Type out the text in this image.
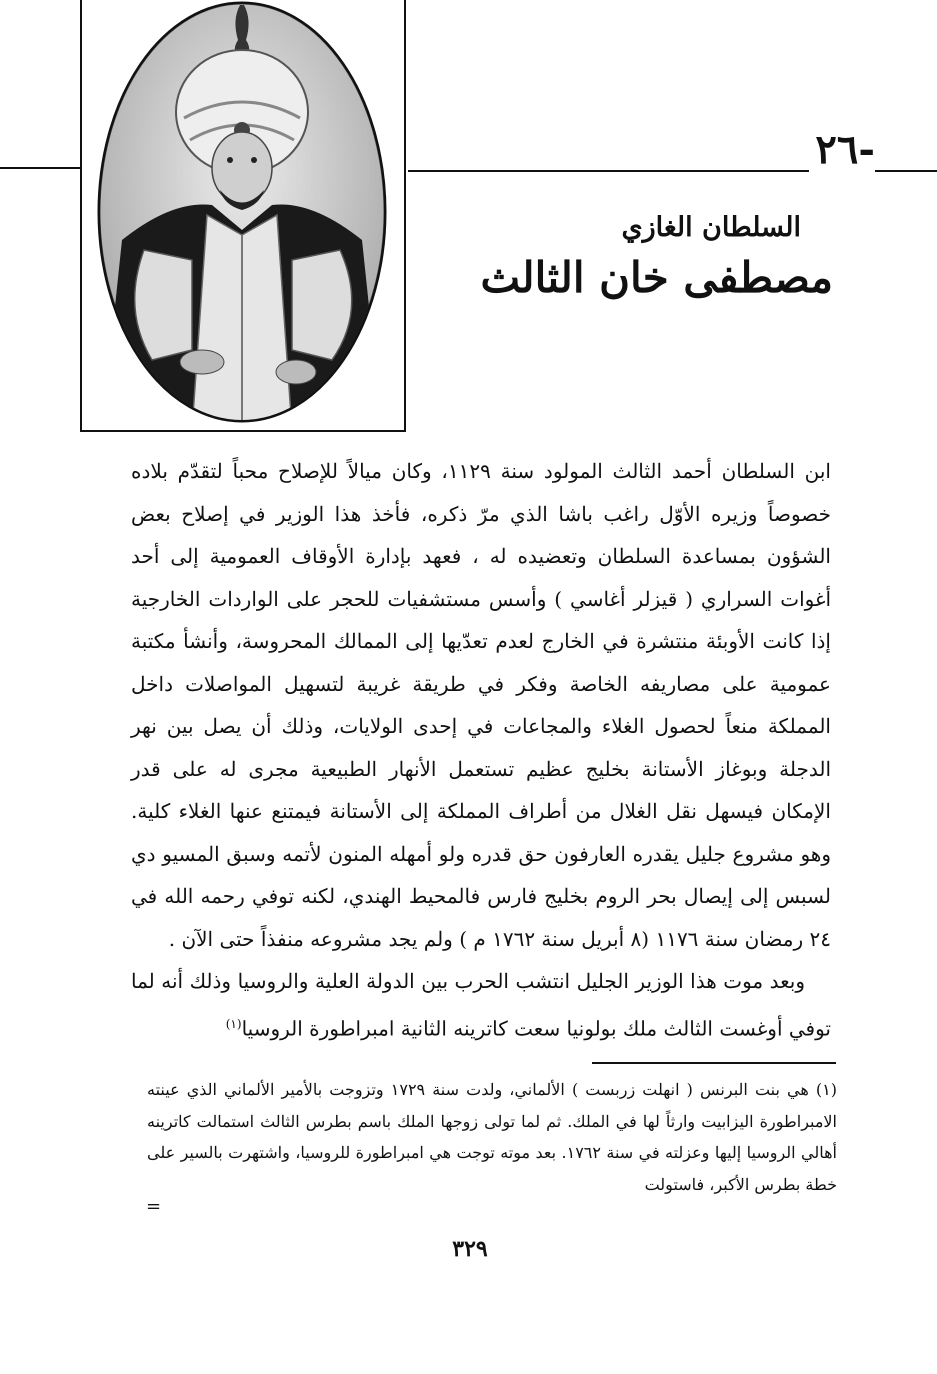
-٢٦
السلطان الغازي
مصطفى خان الثالث

ابن السلطان أحمد الثالث المولود سنة ١١٢٩، وكان ميالاً للإصلاح محباً لتقدّم بلاده خصوصاً وزيره الأوّل راغب باشا الذي مرّ ذكره، فأخذ هذا الوزير في إصلاح بعض الشؤون بمساعدة السلطان وتعضيده له ، فعهد بإدارة الأوقاف العمومية إلى أحد أغوات السراري ( قيزلر أغاسي ) وأسس مستشفيات للحجر على الواردات الخارجية إذا كانت الأوبئة منتشرة في الخارج لعدم تعدّيها إلى الممالك المحروسة، وأنشأ مكتبة عمومية على مصاريفه الخاصة وفكر في طريقة غريبة لتسهيل المواصلات داخل المملكة منعاً لحصول الغلاء والمجاعات في إحدى الولايات، وذلك أن يصل بين نهر الدجلة وبوغاز الأستانة بخليج عظيم تستعمل الأنهار الطبيعية مجرى له على قدر الإمكان فيسهل نقل الغلال من أطراف المملكة إلى الأستانة فيمتنع عنها الغلاء كلية. وهو مشروع جليل يقدره العارفون حق قدره ولو أمهله المنون لأتمه وسبق المسيو دي لسبس إلى إيصال بحر الروم بخليج فارس فالمحيط الهندي، لكنه توفي رحمه الله في ٢٤ رمضان سنة ١١٧٦ (٨ أبريل سنة ١٧٦٢ م ) ولم يجد مشروعه منفذاً حتى الآن .

وبعد موت هذا الوزير الجليل انتشب الحرب بين الدولة العلية والروسيا وذلك أنه لما توفي أوغست الثالث ملك بولونيا سعت كاترينه الثانية امبراطورة الروسيا$^{(١)}$

(١) هي بنت البرنس ( انهلت زربست ) الألماني، ولدت سنة ١٧٢٩ وتزوجت بالأمير الألماني الذي عينته الامبراطورة اليزابيت وارثاً لها في الملك. ثم لما تولى زوجها الملك باسم بطرس الثالث استمالت كاترينه أهالي الروسيا إليها وعزلته في سنة ١٧٦٢. بعد موته توجت هي امبراطورة للروسيا، واشتهرت بالسير على خطة بطرس الأكبر، فاستولت

=
٣٢٩
